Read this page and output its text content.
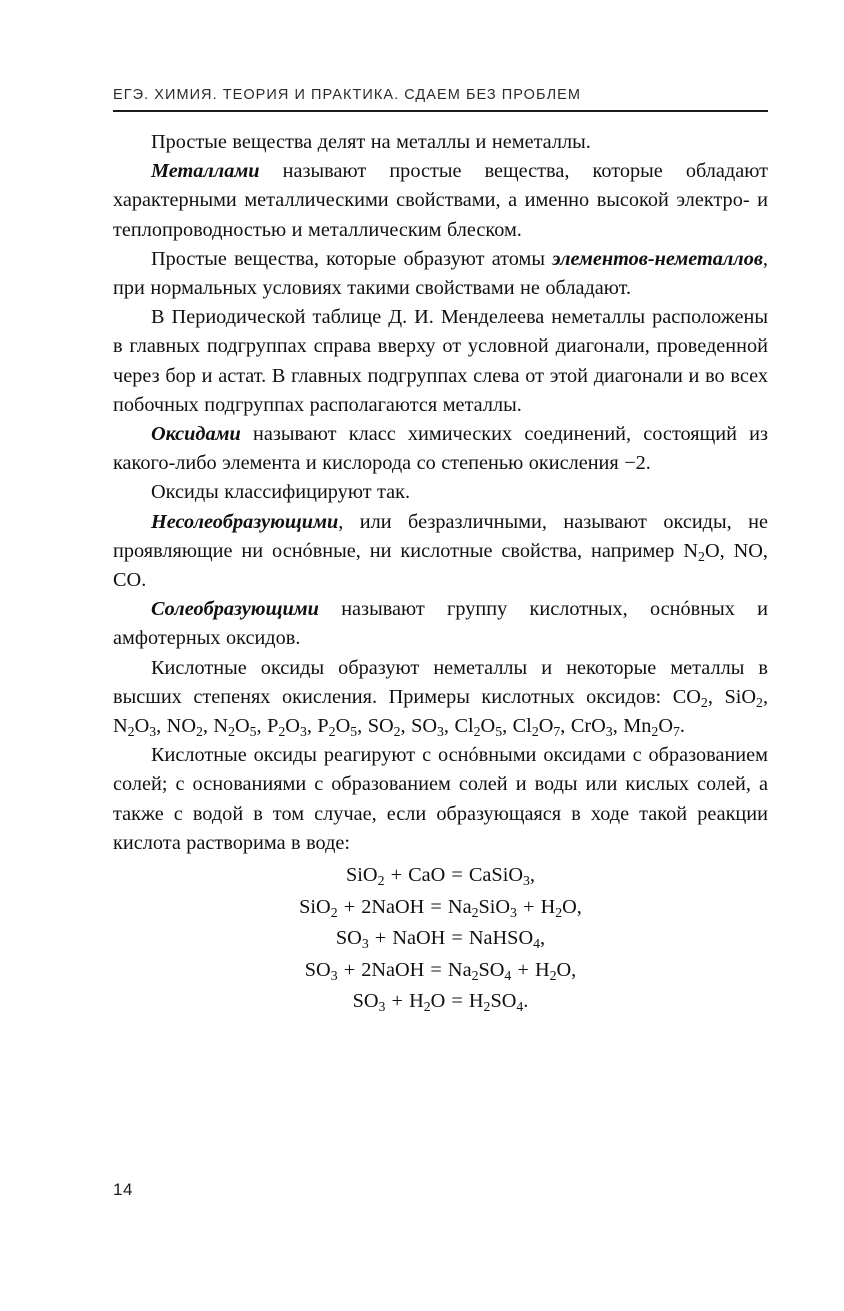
ЕГЭ. ХИМИЯ. ТЕОРИЯ И ПРАКТИКА. СДАЕМ БЕЗ ПРОБЛЕМ

Простые вещества делят на металлы и неметаллы.

Металлами называют простые вещества, которые обладают характерными металлическими свойствами, а именно высокой электро- и теплопроводностью и металлическим блеском.

Простые вещества, которые образуют атомы элементов-неметаллов, при нормальных условиях такими свойствами не обладают.

В Периодической таблице Д. И. Менделеева неметаллы расположены в главных подгруппах справа вверху от условной диагонали, проведенной через бор и астат. В главных подгруппах слева от этой диагонали и во всех побочных подгруппах располагаются металлы.

Оксидами называют класс химических соединений, состоящий из какого-либо элемента и кислорода со степенью окисления −2.

Оксиды классифицируют так.

Несолеобразующими, или безразличными, называют оксиды, не проявляющие ни оснóвные, ни кислотные свойства, например $N_2O$, NO, CO.

Солеобразующими называют группу кислотных, оснóвных и амфотерных оксидов.

Кислотные оксиды образуют неметаллы и некоторые металлы в высших степенях окисления. Примеры кислотных оксидов: $CO_2$, SiO$_2$, $N_2O_3$, $NO_2$, $N_2O_5$, $P_2O_3$, $P_2O_5$, $SO_2$, $SO_3$, $Cl_2O_5$, $Cl_2O_7$, CrO$_3$, $Mn_2O_7$.

Кислотные оксиды реагируют с оснóвными оксидами с образованием солей; с основаниями с образованием солей и воды или кислых солей, а также с водой в том случае, если образующаяся в ходе такой реакции кислота растворима в воде:

SiO$_2$ + CaO = CaSiO$_3$,
SiO$_2$ + 2NaOH = $Na_2SiO_3 + H_2O$,
$SO_3$ + NaOH = NaHSO$_4$,
$SO_3$ + 2NaOH = $Na_2SO_4 + H_2O$,
$SO_3 + H_2O = H_2SO_4$.
14
